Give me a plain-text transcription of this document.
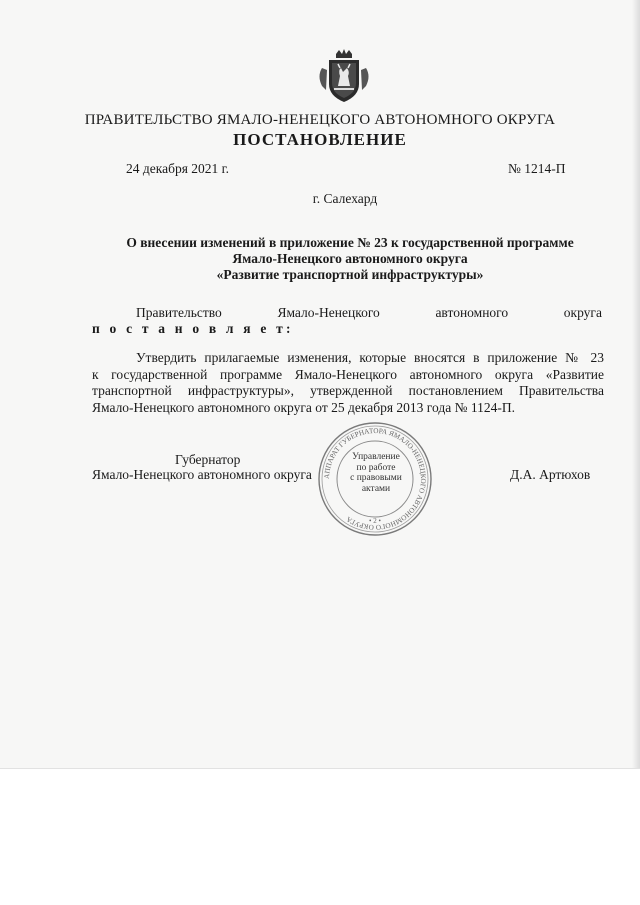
ПРАВИТЕЛЬСТВО ЯМАЛО-НЕНЕЦКОГО АВТОНОМНОГО ОКРУГА
ПОСТАНОВЛЕНИЕ
24 декабря 2021 г.	№ 1214-П
г. Салехард
О внесении изменений в приложение № 23 к государственной программе
Ямало-Ненецкого автономного округа
«Развитие транспортной инфраструктуры»
Правительство	Ямало-Ненецкого	автономного	округа
п о с т а н о в л я е т:
Утвердить прилагаемые изменения, которые вносятся в приложение № 23
к государственной программе Ямало-Ненецкого автономного округа «Развитие
транспортной инфраструктуры», утвержденной постановлением Правительства
Ямало-Ненецкого автономного округа от 25 декабря 2013 года № 1124-П.
Губернатор
Ямало-Ненецкого автономного округа	Д.А. Артюхов
АППАРАТ ГУБЕРНАТОРА ЯМАЛО-НЕНЕЦКОГО АВТОНОМНОГО ОКРУГА	• 2 •
Управление
по работе
с правовыми
актами
